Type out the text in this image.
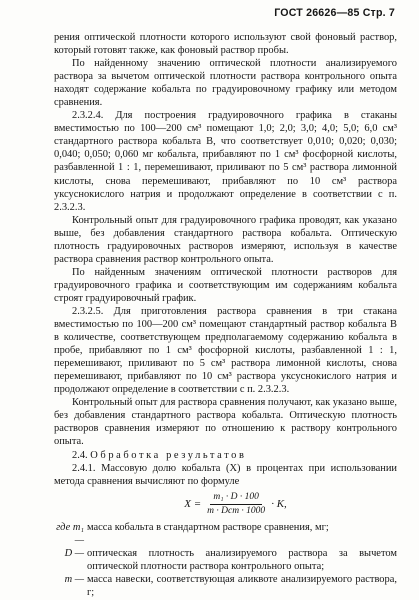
ГОСТ 26626—85 Стр. 7

рения оптической плотности которого используют свой фоновый раствор, который готовят также, как фоновый раствор пробы.

По найденному значению оптической плотности анализируемого раствора за вычетом оптической плотности раствора контрольного опыта находят содержание кобальта по градуировочному графику или методом сравнения.

2.3.2.4. Для построения градуировочного графика в стаканы вместимостью по 100—200 см³ помещают 1,0; 2,0; 3,0; 4,0; 5,0; 6,0 см³ стандартного раствора кобальта В, что соответствует 0,010; 0,020; 0,030; 0,040; 0,050; 0,060 мг кобальта, прибавляют по 1 см³ фосфорной кислоты, разбавленной 1 : 1, перемешивают, приливают по 5 см³ раствора лимонной кислоты, снова перемешивают, прибавляют по 10 см³ раствора уксуснокислого натрия и продолжают определение в соответствии с п. 2.3.2.3.

Контрольный опыт для градуировочного графика проводят, как указано выше, без добавления стандартного раствора кобальта. Оптическую плотность градуировочных растворов измеряют, используя в качестве раствора сравнения раствор контрольного опыта.

По найденным значениям оптической плотности растворов для градуировочного графика и соответствующим им содержаниям кобальта строят градуировочный график.

2.3.2.5. Для приготовления раствора сравнения в три стакана вместимостью по 100—200 см³ помещают стандартный раствор кобальта В в количестве, соответствующем предполагаемому содержанию кобальта в пробе, прибавляют по 1 см³ фосфорной кислоты, разбавленной 1 : 1, перемешивают, приливают по 5 см³ раствора лимонной кислоты, снова перемешивают, прибавляют по 10 см³ раствора уксуснокислого натрия и продолжают определение в соответствии с п. 2.3.2.3.

Контрольный опыт для раствора сравнения получают, как указано выше, без добавления стандартного раствора кобальта. Оптическую плотность растворов сравнения измеряют по отношению к раствору контрольного опыта.

2.4. Обработка результатов

2.4.1. Массовую долю кобальта (X) в процентах при использовании метода сравнения вычисляют по формуле

$X = \frac{\text{m₁ · D · 100}}{\text{m · Dст · 1000}} \cdot K$,
где m₁ —
масса кобальта в стандартном растворе сравнения, мг;
D — оптическая плотность анализируемого раствора за вычетом оптической плотности раствора контрольного опыта;
m — масса навески, соответствующая аликвоте анализируемого раствора, г;
